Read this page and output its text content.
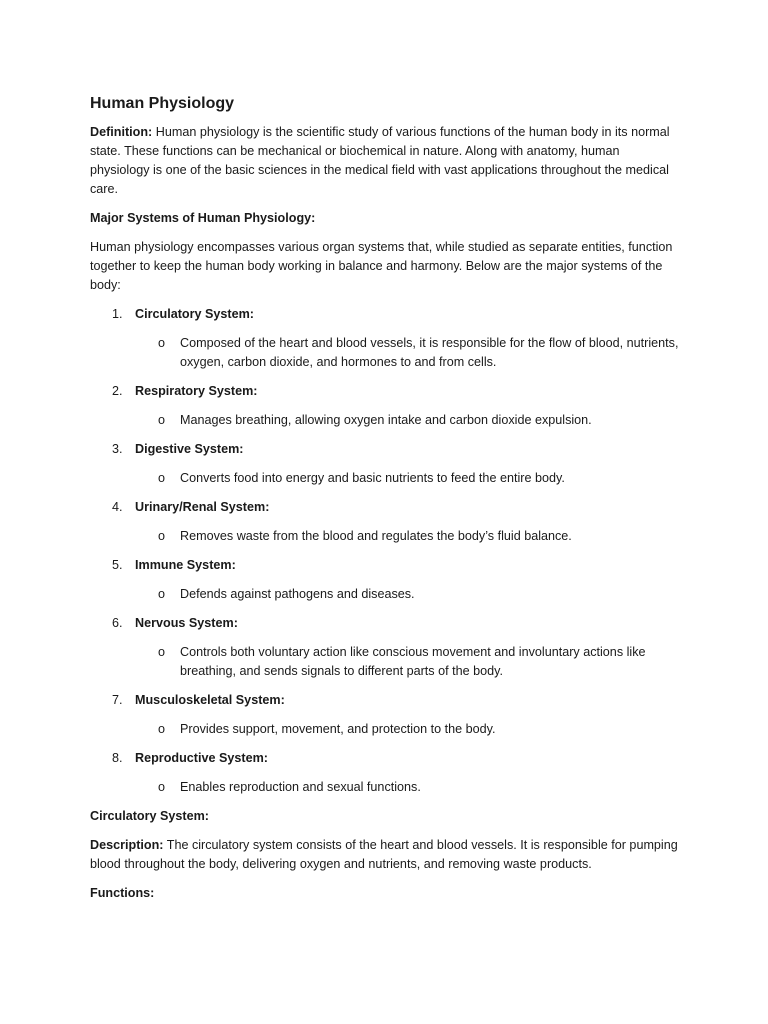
Human Physiology

Definition: Human physiology is the scientific study of various functions of the human body in its normal state. These functions can be mechanical or biochemical in nature. Along with anatomy, human physiology is one of the basic sciences in the medical field with vast applications throughout the medical care.

Major Systems of Human Physiology:

Human physiology encompasses various organ systems that, while studied as separate entities, function together to keep the human body working in balance and harmony. Below are the major systems of the body:

1. Circulatory System:
o Composed of the heart and blood vessels, it is responsible for the flow of blood, nutrients, oxygen, carbon dioxide, and hormones to and from cells.
2. Respiratory System:
o Manages breathing, allowing oxygen intake and carbon dioxide expulsion.
3. Digestive System:
o Converts food into energy and basic nutrients to feed the entire body.
4. Urinary/Renal System:
o Removes waste from the blood and regulates the body’s fluid balance.
5. Immune System:
o Defends against pathogens and diseases.
6. Nervous System:
o Controls both voluntary action like conscious movement and involuntary actions like breathing, and sends signals to different parts of the body.
7. Musculoskeletal System:
o Provides support, movement, and protection to the body.
8. Reproductive System:
o Enables reproduction and sexual functions.

Circulatory System:

Description: The circulatory system consists of the heart and blood vessels. It is responsible for pumping blood throughout the body, delivering oxygen and nutrients, and removing waste products.

Functions:
